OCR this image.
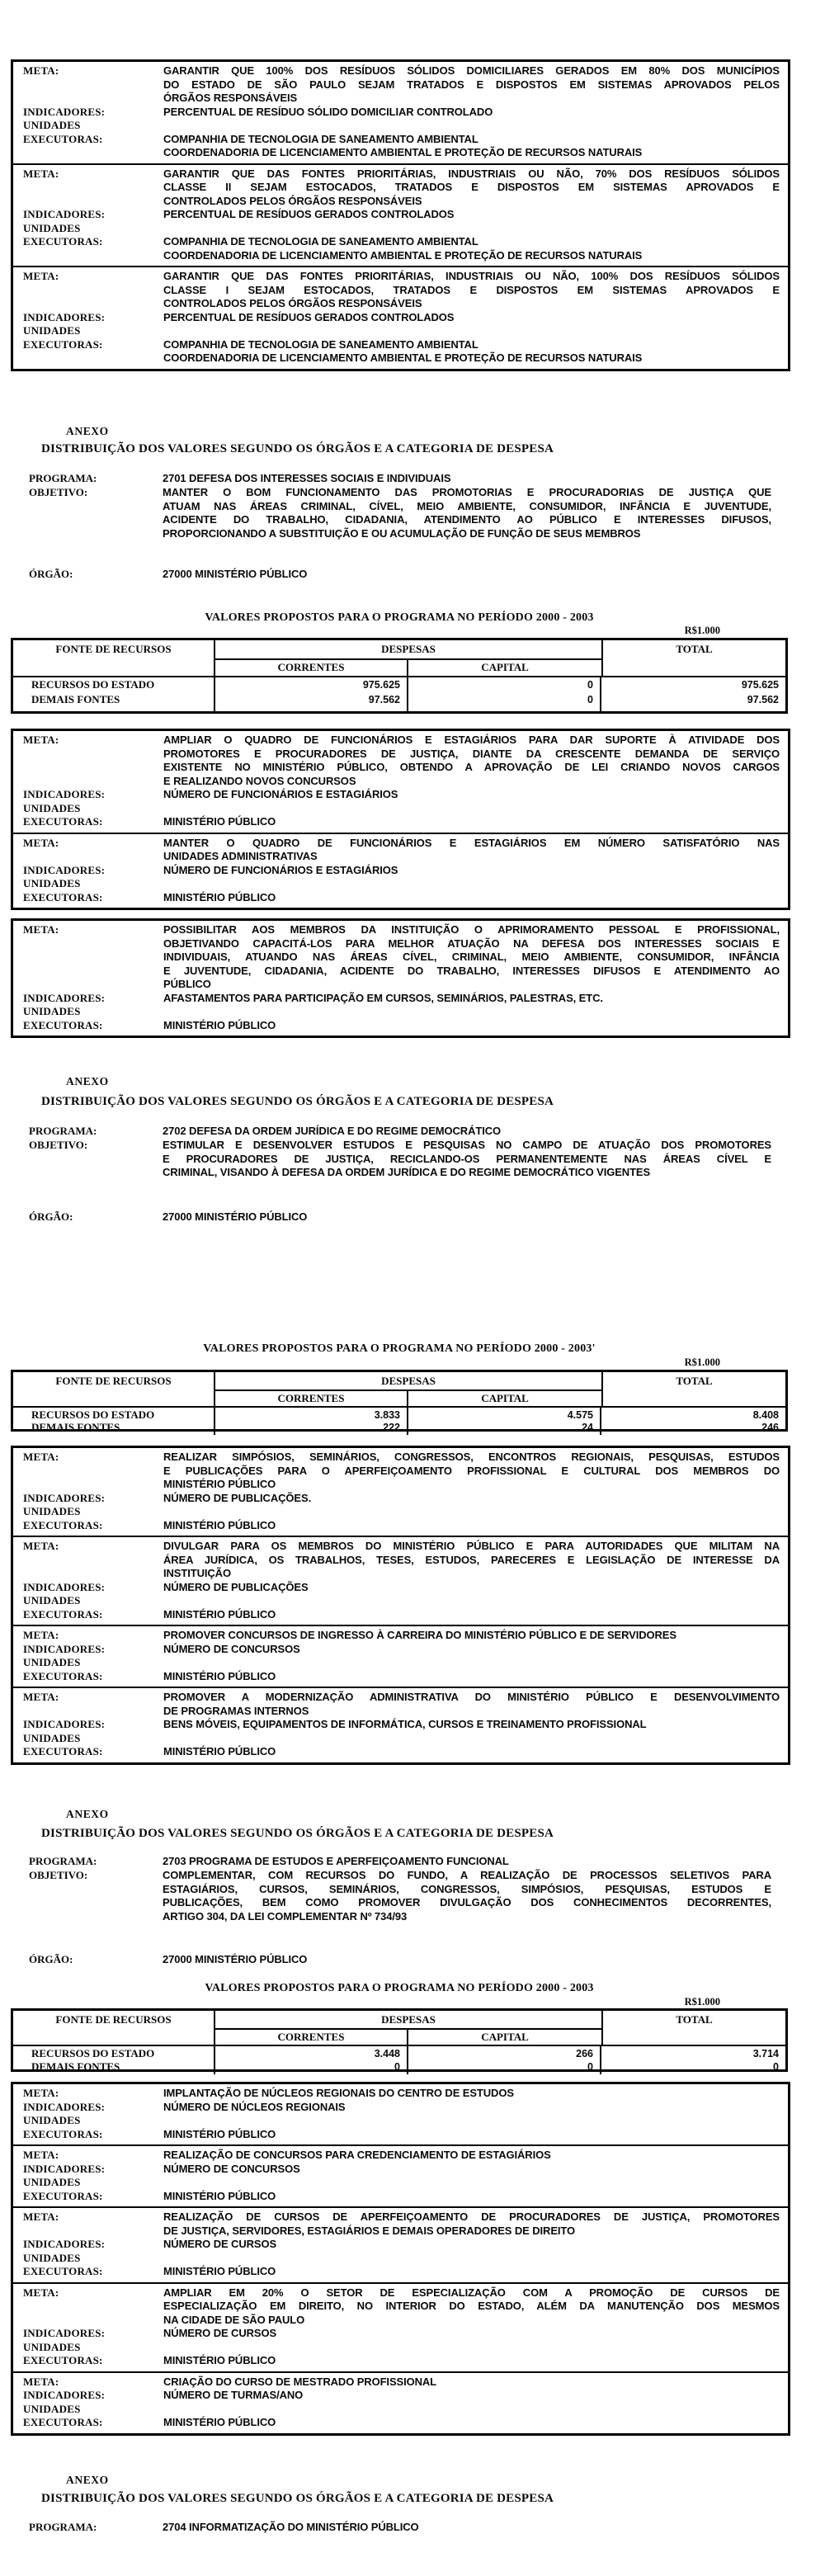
META:	GARANTIR QUE 100% DOS RESÍDUOS SÓLIDOS DOMICILIARES GERADOS EM 80% DOS MUNICÍPIOS
DO ESTADO DE SÃO PAULO SEJAM TRATADOS E DISPOSTOS EM SISTEMAS APROVADOS PELOS
ÓRGÃOS RESPONSÁVEIS
INDICADORES:	PERCENTUAL DE RESÍDUO SÓLIDO DOMICILIAR CONTROLADO
UNIDADES
EXECUTORAS:	COMPANHIA DE TECNOLOGIA DE SANEAMENTO AMBIENTAL
COORDENADORIA DE LICENCIAMENTO AMBIENTAL E PROTEÇÃO DE RECURSOS NATURAIS
META:	GARANTIR QUE DAS FONTES PRIORITÁRIAS, INDUSTRIAIS OU NÃO, 70% DOS RESÍDUOS SÓLIDOS
CLASSE II SEJAM ESTOCADOS, TRATADOS E DISPOSTOS EM SISTEMAS APROVADOS E
CONTROLADOS PELOS ÓRGÃOS RESPONSÁVEIS
INDICADORES:	PERCENTUAL DE RESÍDUOS GERADOS CONTROLADOS
UNIDADES
EXECUTORAS:	COMPANHIA DE TECNOLOGIA DE SANEAMENTO AMBIENTAL
COORDENADORIA DE LICENCIAMENTO AMBIENTAL E PROTEÇÃO DE RECURSOS NATURAIS
META:	GARANTIR QUE DAS FONTES PRIORITÁRIAS, INDUSTRIAIS OU NÃO, 100% DOS RESÍDUOS SÓLIDOS
CLASSE I SEJAM ESTOCADOS, TRATADOS E DISPOSTOS EM SISTEMAS APROVADOS E
CONTROLADOS PELOS ÓRGÃOS RESPONSÁVEIS
INDICADORES:	PERCENTUAL DE RESÍDUOS GERADOS CONTROLADOS
UNIDADES
EXECUTORAS:	COMPANHIA DE TECNOLOGIA DE SANEAMENTO AMBIENTAL
COORDENADORIA DE LICENCIAMENTO AMBIENTAL E PROTEÇÃO DE RECURSOS NATURAIS
ANEXO
DISTRIBUIÇÃO DOS VALORES SEGUNDO OS ÓRGÃOS E A CATEGORIA DE DESPESA
PROGRAMA:	2701 DEFESA DOS INTERESSES SOCIAIS E INDIVIDUAIS
OBJETIVO:	MANTER O BOM FUNCIONAMENTO DAS PROMOTORIAS E PROCURADORIAS DE JUSTIÇA QUE
ATUAM NAS ÁREAS CRIMINAL, CÍVEL, MEIO AMBIENTE, CONSUMIDOR, INFÂNCIA E JUVENTUDE,
ACIDENTE DO TRABALHO, CIDADANIA, ATENDIMENTO AO PÚBLICO E INTERESSES DIFUSOS,
PROPORCIONANDO A SUBSTITUIÇÃO E OU ACUMULAÇÃO DE FUNÇÃO DE SEUS MEMBROS
ÓRGÃO:	27000 MINISTÉRIO PÚBLICO
VALORES PROPOSTOS PARA O PROGRAMA NO PERÍODO 2000 - 2003
R$1.000
FONTE DE RECURSOS	DESPESAS	TOTAL
CORRENTES	CAPITAL
RECURSOS DO ESTADO	975.625	0	975.625
DEMAIS FONTES	97.562	0	97.562
META:	AMPLIAR O QUADRO DE FUNCIONÁRIOS E ESTAGIÁRIOS PARA DAR SUPORTE À ATIVIDADE DOS
PROMOTORES E PROCURADORES DE JUSTIÇA, DIANTE DA CRESCENTE DEMANDA DE SERVIÇO
EXISTENTE NO MINISTÉRIO PÚBLICO, OBTENDO A APROVAÇÃO DE LEI CRIANDO NOVOS CARGOS
E REALIZANDO NOVOS CONCURSOS
INDICADORES:	NÚMERO DE FUNCIONÁRIOS E ESTAGIÁRIOS
UNIDADES
EXECUTORAS:	MINISTÉRIO PÚBLICO
META:	MANTER O QUADRO DE FUNCIONÁRIOS E ESTAGIÁRIOS EM NÚMERO SATISFATÓRIO NAS
UNIDADES ADMINISTRATIVAS
INDICADORES:	NÚMERO DE FUNCIONÁRIOS E ESTAGIÁRIOS
UNIDADES
EXECUTORAS:	MINISTÉRIO PÚBLICO
META:	POSSIBILITAR AOS MEMBROS DA INSTITUIÇÃO O APRIMORAMENTO PESSOAL E PROFISSIONAL,
OBJETIVANDO CAPACITÁ-LOS PARA MELHOR ATUAÇÃO NA DEFESA DOS INTERESSES SOCIAIS E
INDIVIDUAIS, ATUANDO NAS ÁREAS CÍVEL, CRIMINAL, MEIO AMBIENTE, CONSUMIDOR, INFÂNCIA
E JUVENTUDE, CIDADANIA, ACIDENTE DO TRABALHO, INTERESSES DIFUSOS E ATENDIMENTO AO
PÚBLICO
INDICADORES:	AFASTAMENTOS PARA PARTICIPAÇÃO EM CURSOS, SEMINÁRIOS, PALESTRAS, ETC.
UNIDADES
EXECUTORAS:	MINISTÉRIO PÚBLICO
ANEXO
DISTRIBUIÇÃO DOS VALORES SEGUNDO OS ÓRGÃOS E A CATEGORIA DE DESPESA
PROGRAMA:	2702 DEFESA DA ORDEM JURÍDICA E DO REGIME DEMOCRÁTICO
OBJETIVO:	ESTIMULAR E DESENVOLVER ESTUDOS E PESQUISAS NO CAMPO DE ATUAÇÃO DOS PROMOTORES
E PROCURADORES DE JUSTIÇA, RECICLANDO-OS PERMANENTEMENTE NAS ÁREAS CÍVEL E
CRIMINAL, VISANDO À DEFESA DA ORDEM JURÍDICA E DO REGIME DEMOCRÁTICO VIGENTES
ÓRGÃO:	27000 MINISTÉRIO PÚBLICO
VALORES PROPOSTOS PARA O PROGRAMA NO PERÍODO 2000 - 2003'
R$1.000
FONTE DE RECURSOS	DESPESAS	TOTAL
CORRENTES	CAPITAL
RECURSOS DO ESTADO	3.833	4.575	8.408
DEMAIS FONTES	222	24	246
META:	REALIZAR SIMPÓSIOS, SEMINÁRIOS, CONGRESSOS, ENCONTROS REGIONAIS, PESQUISAS, ESTUDOS
E PUBLICAÇÕES PARA O APERFEIÇOAMENTO PROFISSIONAL E CULTURAL DOS MEMBROS DO
MINISTÉRIO PÚBLICO
INDICADORES:	NÚMERO DE PUBLICAÇÕES.
UNIDADES
EXECUTORAS:	MINISTÉRIO PÚBLICO
META:	DIVULGAR PARA OS MEMBROS DO MINISTÉRIO PÚBLICO E PARA AUTORIDADES QUE MILITAM NA
ÁREA JURÍDICA, OS TRABALHOS, TESES, ESTUDOS, PARECERES E LEGISLAÇÃO DE INTERESSE DA
INSTITUIÇÃO
INDICADORES:	NÚMERO DE PUBLICAÇÕES
UNIDADES
EXECUTORAS:	MINISTÉRIO PÚBLICO
META:	PROMOVER CONCURSOS DE INGRESSO À CARREIRA DO MINISTÉRIO PÚBLICO E DE SERVIDORES
INDICADORES:	NÚMERO DE CONCURSOS
UNIDADES
EXECUTORAS:	MINISTÉRIO PÚBLICO
META:	PROMOVER A MODERNIZAÇÃO ADMINISTRATIVA DO MINISTÉRIO PÚBLICO E DESENVOLVIMENTO
DE PROGRAMAS INTERNOS
INDICADORES:	BENS MÓVEIS, EQUIPAMENTOS DE INFORMÁTICA, CURSOS E TREINAMENTO PROFISSIONAL
UNIDADES
EXECUTORAS:	MINISTÉRIO PÚBLICO
ANEXO
DISTRIBUIÇÃO DOS VALORES SEGUNDO OS ÓRGÃOS E A CATEGORIA DE DESPESA
PROGRAMA:	2703 PROGRAMA DE ESTUDOS E APERFEIÇOAMENTO FUNCIONAL
OBJETIVO:	COMPLEMENTAR, COM RECURSOS DO FUNDO, A REALIZAÇÃO DE PROCESSOS SELETIVOS PARA
ESTAGIÁRIOS, CURSOS, SEMINÁRIOS, CONGRESSOS, SIMPÓSIOS, PESQUISAS, ESTUDOS E
PUBLICAÇÕES, BEM COMO PROMOVER DIVULGAÇÃO DOS CONHECIMENTOS DECORRENTES,
ARTIGO 304, DA LEI COMPLEMENTAR Nº 734/93
ÓRGÃO:	27000 MINISTÉRIO PÚBLICO
VALORES PROPOSTOS PARA O PROGRAMA NO PERÍODO 2000 - 2003
R$1.000
FONTE DE RECURSOS	DESPESAS	TOTAL
CORRENTES	CAPITAL
RECURSOS DO ESTADO	3.448	266	3.714
DEMAIS FONTES	0	0	0
META:	IMPLANTAÇÃO DE NÚCLEOS REGIONAIS DO CENTRO DE ESTUDOS
INDICADORES:	NÚMERO DE NÚCLEOS REGIONAIS
UNIDADES
EXECUTORAS:	MINISTÉRIO PÚBLICO
META:	REALIZAÇÃO DE CONCURSOS PARA CREDENCIAMENTO DE ESTAGIÁRIOS
INDICADORES:	NÚMERO DE CONCURSOS
UNIDADES
EXECUTORAS:	MINISTÉRIO PÚBLICO
META:	REALIZAÇÃO DE CURSOS DE APERFEIÇOAMENTO DE PROCURADORES DE JUSTIÇA, PROMOTORES
DE JUSTIÇA, SERVIDORES, ESTAGIÁRIOS E DEMAIS OPERADORES DE DIREITO
INDICADORES:	NÚMERO DE CURSOS
UNIDADES
EXECUTORAS:	MINISTÉRIO PÚBLICO
META:	AMPLIAR EM 20% O SETOR DE ESPECIALIZAÇÃO COM A PROMOÇÃO DE CURSOS DE
ESPECIALIZAÇÃO EM DIREITO, NO INTERIOR DO ESTADO, ALÉM DA MANUTENÇÃO DOS MESMOS
NA CIDADE DE SÃO PAULO
INDICADORES:	NÚMERO DE CURSOS
UNIDADES
EXECUTORAS:	MINISTÉRIO PÚBLICO
META:	CRIAÇÃO DO CURSO DE MESTRADO PROFISSIONAL
INDICADORES:	NÚMERO DE TURMAS/ANO
UNIDADES
EXECUTORAS:	MINISTÉRIO PÚBLICO
ANEXO
DISTRIBUIÇÃO DOS VALORES SEGUNDO OS ÓRGÃOS E A CATEGORIA DE DESPESA
PROGRAMA:	2704 INFORMATIZAÇÃO DO MINISTÉRIO PÚBLICO
